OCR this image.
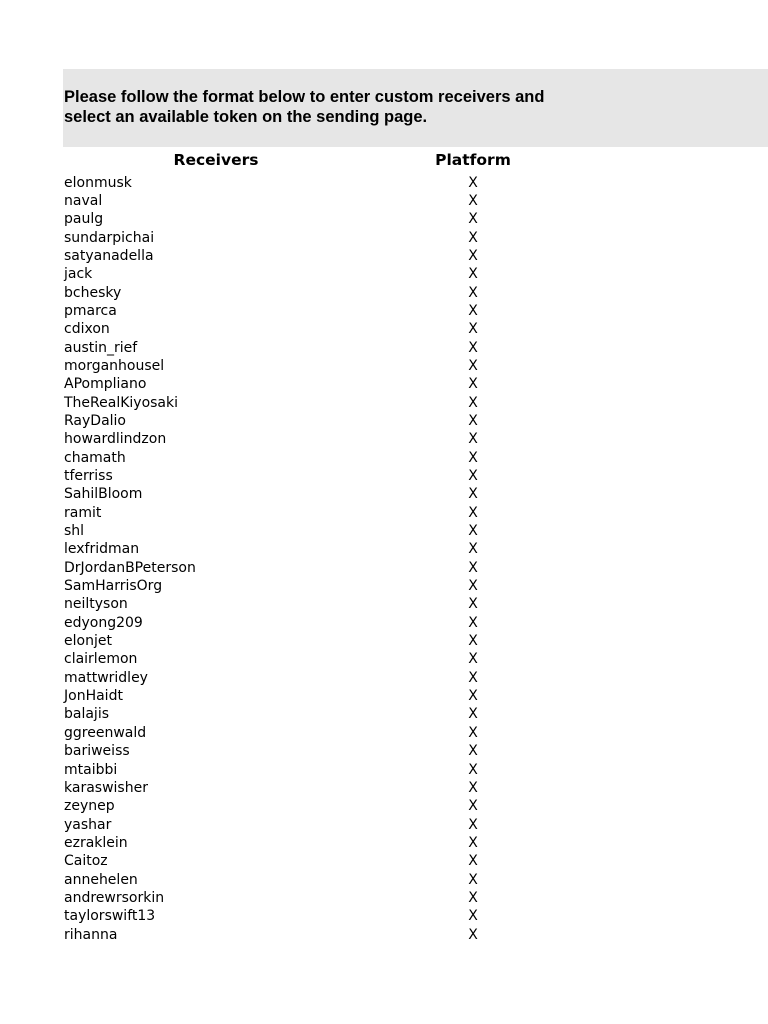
Please follow the format below to enter custom receivers and
select an available token on the sending page.
Receivers	Platform
elonmusk	X
naval	X
paulg	X
sundarpichai	X
satyanadella	X
jack	X
bchesky	X
pmarca	X
cdixon	X
austin_rief	X
morganhousel	X
APompliano	X
TheRealKiyosaki	X
RayDalio	X
howardlindzon	X
chamath	X
tferriss	X
SahilBloom	X
ramit	X
shl	X
lexfridman	X
DrJordanBPeterson	X
SamHarrisOrg	X
neiltyson	X
edyong209	X
elonjet	X
clairlemon	X
mattwridley	X
JonHaidt	X
balajis	X
ggreenwald	X
bariweiss	X
mtaibbi	X
karaswisher	X
zeynep	X
yashar	X
ezraklein	X
Caitoz	X
annehelen	X
andrewrsorkin	X
taylorswift13	X
rihanna	X
